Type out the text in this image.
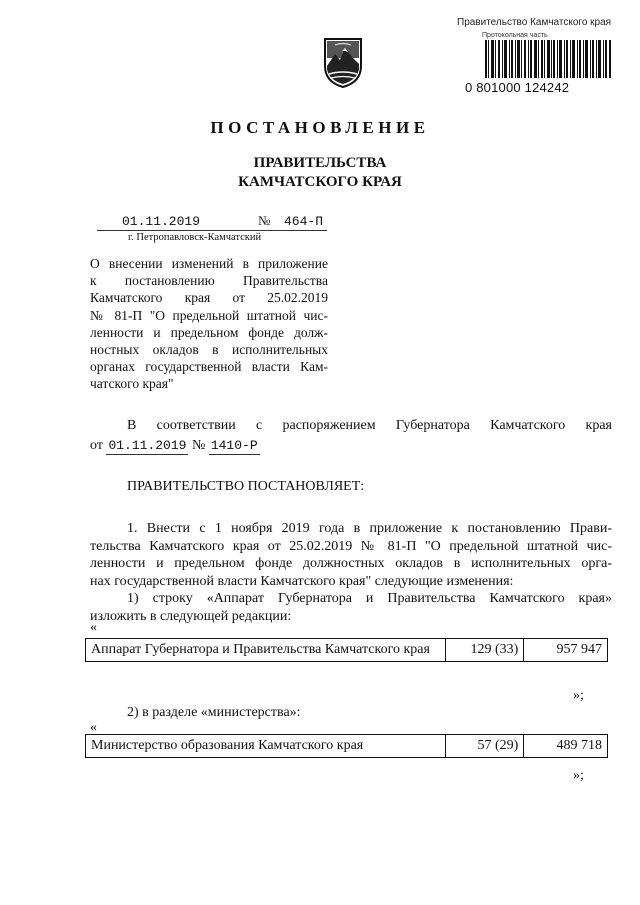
Правительство Камчатского края
Протокольная часть
0 801000 124242
ПОСТАНОВЛЕНИЕ
ПРАВИТЕЛЬСТВА
КАМЧАТСКОГО КРАЯ
01.11.2019	№ 464-П
г. Петропавловск-Камчатский
О внесении изменений в приложение
к постановлению Правительства
Камчатского края от 25.02.2019
№ 81-П "О предельной штатной чис-
ленности и предельном фонде долж-
ностных окладов в исполнительных
органах государственной власти Кам-
чатского края"
В соответствии с распоряжением Губернатора Камчатского края
от 01.11.2019 № 1410-Р
ПРАВИТЕЛЬСТВО ПОСТАНОВЛЯЕТ:
1. Внести с 1 ноября 2019 года в приложение к постановлению Прави-
тельства Камчатского края от 25.02.2019 № 81-П "О предельной штатной чис-
ленности и предельном фонде должностных окладов в исполнительных орга-
нах государственной власти Камчатского края" следующие изменения:
1) строку «Аппарат Губернатора и Правительства Камчатского края»
изложить в следующей редакции:
«
Аппарат Губернатора и Правительства Камчатского края	129 (33)	957 947
»;
2) в разделе «министерства»:
«
Министерство образования Камчатского края	57 (29)	489 718
»;
